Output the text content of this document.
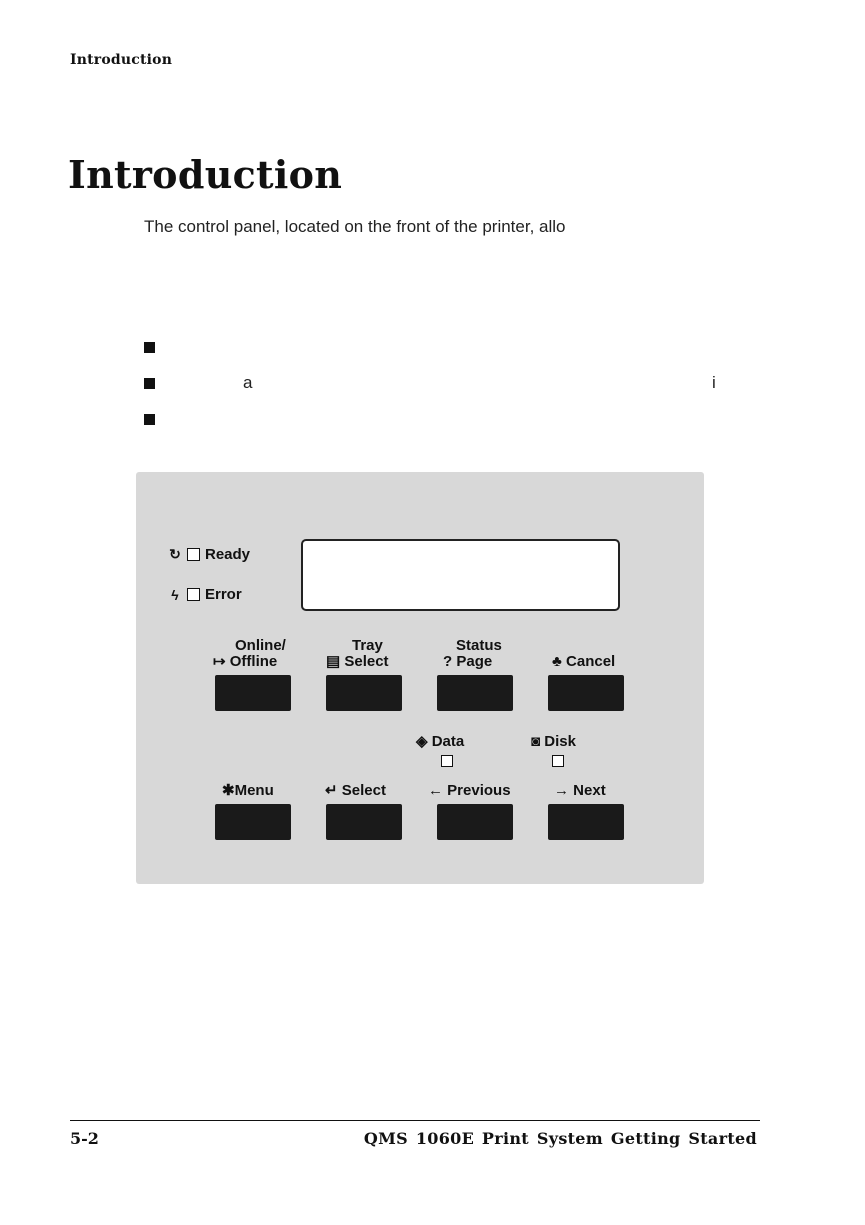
Introduction
Introduction
The control panel, located on the front of the printer, allo
a	i
↻ Ready
ϟ Error
Online/
↦ Offline
Tray
▤ Select
Status
? Page	♣ Cancel
◈ Data	◙ Disk
✱Menu	↵ Select	← Previous	→ Next
5-2	QMS 1060E Print System Getting Started
